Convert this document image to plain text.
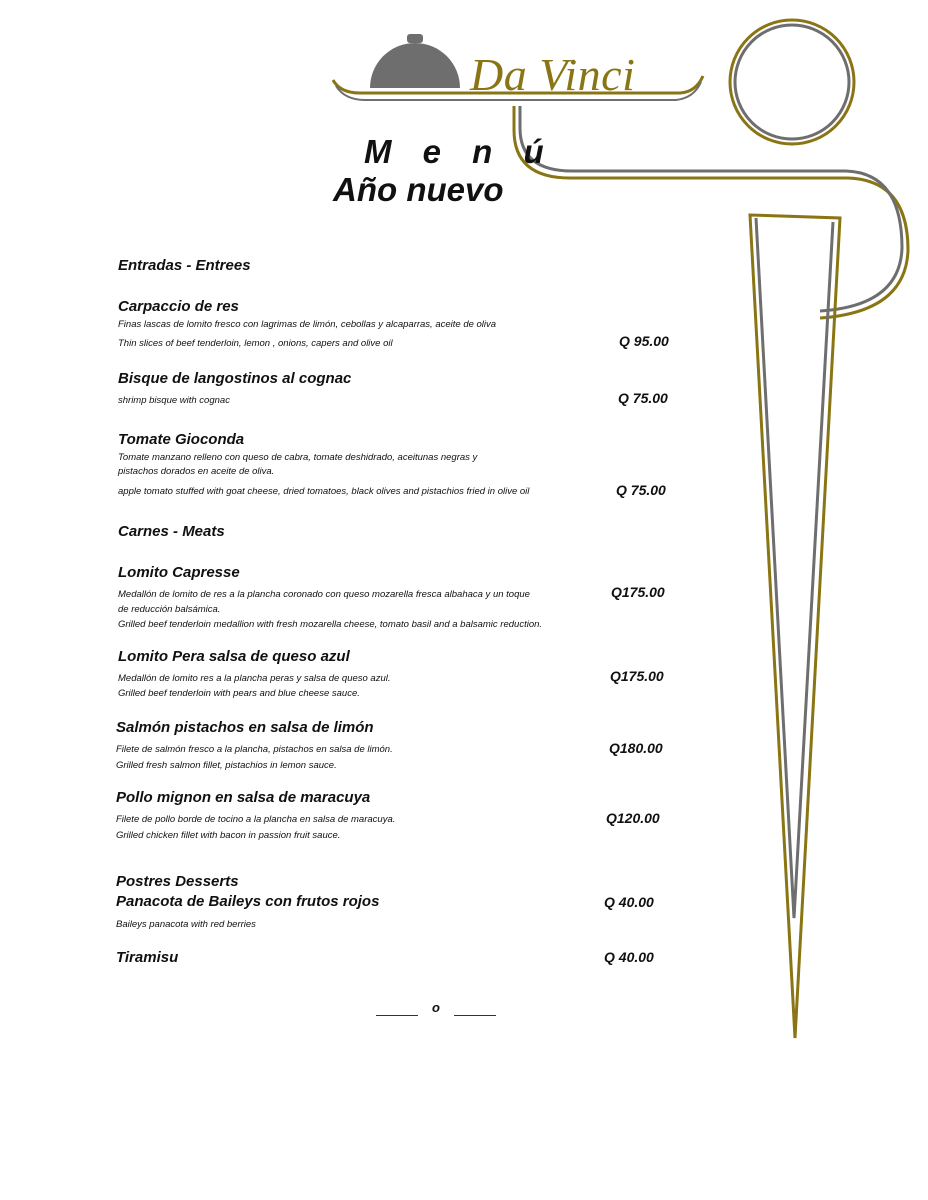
Da Vinci
M e n ú
Año nuevo
Entradas - Entrees
Carpaccio de res
Finas lascas de lomito fresco con lagrimas de limón, cebollas y alcaparras, aceite de oliva
Thin slices of beef tenderloin, lemon , onions, capers and olive oil	Q 95.00
Bisque de langostinos al cognac
shrimp bisque with cognac	Q 75.00
Tomate Gioconda
Tomate manzano relleno con queso de cabra, tomate deshidrado, aceitunas negras y
pistachos dorados en aceite de oliva.
apple tomato stuffed with goat cheese, dried tomatoes, black olives and pistachios fried in olive oil	Q 75.00
Carnes - Meats
Lomito Capresse
Medallón de lomito de res a la plancha coronado con queso mozarella fresca albahaca y un toque
de reducción balsámica.
Grilled beef tenderloin medallion with fresh mozarella cheese, tomato basil and a balsamic reduction.
Q175.00
Lomito Pera salsa de queso azul
Medallón de lomito res a la plancha peras y salsa de queso azul.
Grilled beef tenderloin with pears and blue cheese sauce.
Q175.00
Salmón pistachos en salsa de limón
Filete de salmón fresco a la plancha, pistachos en salsa de limón.
Grilled fresh salmon fillet, pistachios in lemon sauce.
Q180.00
Pollo mignon en salsa de maracuya
Filete de pollo borde de tocino a la plancha en salsa de maracuya.
Grilled chicken fillet with bacon in passion fruit sauce.
Q120.00
Postres Desserts
Panacota de Baileys con frutos rojos
Baileys panacota with red berries
Q 40.00
Tiramisu	Q 40.00
o
